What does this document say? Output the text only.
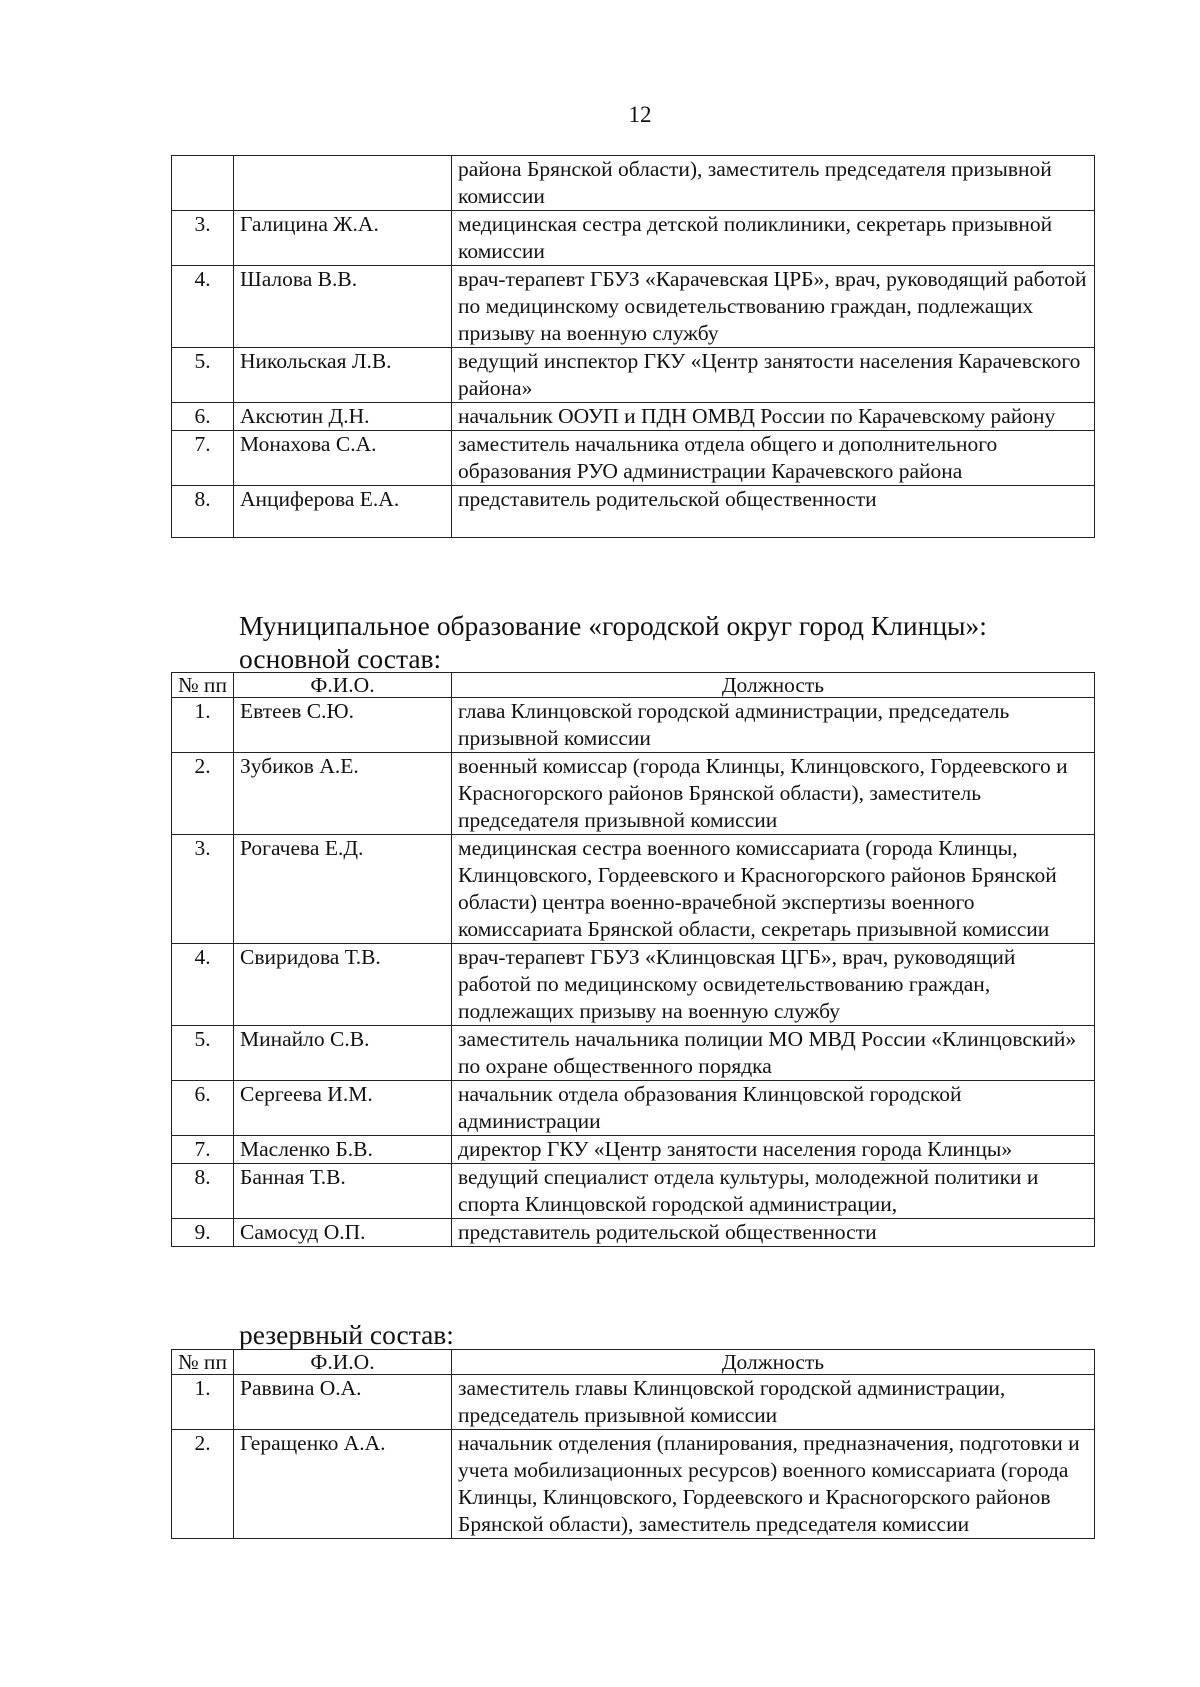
12
		района Брянской области), заместитель председателя призывной комиссии
3.	Галицина Ж.А.	медицинская сестра детской поликлиники, секретарь призывной комиссии
4.	Шалова В.В.	врач-терапевт ГБУЗ «Карачевская ЦРБ», врач, руководящий работой по медицинскому освидетельствованию граждан, подлежащих призыву на военную службу
5.	Никольская Л.В.	ведущий инспектор ГКУ «Центр занятости населения Карачевского района»
6.	Аксютин Д.Н.	начальник ООУП и ПДН ОМВД России по Карачевскому району
7.	Монахова С.А.	заместитель начальника отдела общего и дополнительного образования РУО администрации Карачевского района
8.	Анциферова Е.А.	представитель родительской общественности
Муниципальное образование «городской округ город Клинцы»:
основной состав:
№ пп	Ф.И.О.	Должность
1.	Евтеев С.Ю.	глава Клинцовской городской администрации, председатель призывной комиссии
2.	Зубиков А.Е.	военный комиссар (города Клинцы, Клинцовского, Гордеевского и Красногорского районов Брянской области), заместитель председателя призывной комиссии
3.	Рогачева Е.Д.	медицинская сестра военного комиссариата (города Клинцы, Клинцовского, Гордеевского и Красногорского районов Брянской области) центра военно-врачебной экспертизы военного комиссариата Брянской области, секретарь призывной комиссии
4.	Свиридова Т.В.	врач-терапевт ГБУЗ «Клинцовская ЦГБ», врач, руководящий работой по медицинскому освидетельствованию граждан, подлежащих призыву на военную службу
5.	Минайло С.В.	заместитель начальника полиции МО МВД России «Клинцовский» по охране общественного порядка
6.	Сергеева И.М.	начальник отдела образования Клинцовской городской администрации
7.	Масленко Б.В.	директор ГКУ «Центр занятости населения города Клинцы»
8.	Банная Т.В.	ведущий специалист отдела культуры, молодежной политики и спорта Клинцовской городской администрации,
9.	Самосуд О.П.	представитель родительской общественности
резервный состав:
№ пп	Ф.И.О.	Должность
1.	Раввина О.А.	заместитель главы Клинцовской городской администрации, председатель призывной комиссии
2.	Геращенко А.А.	начальник отделения (планирования, предназначения, подготовки и учета мобилизационных ресурсов) военного комиссариата (города Клинцы, Клинцовского, Гордеевского и Красногорского районов Брянской области), заместитель председателя комиссии
